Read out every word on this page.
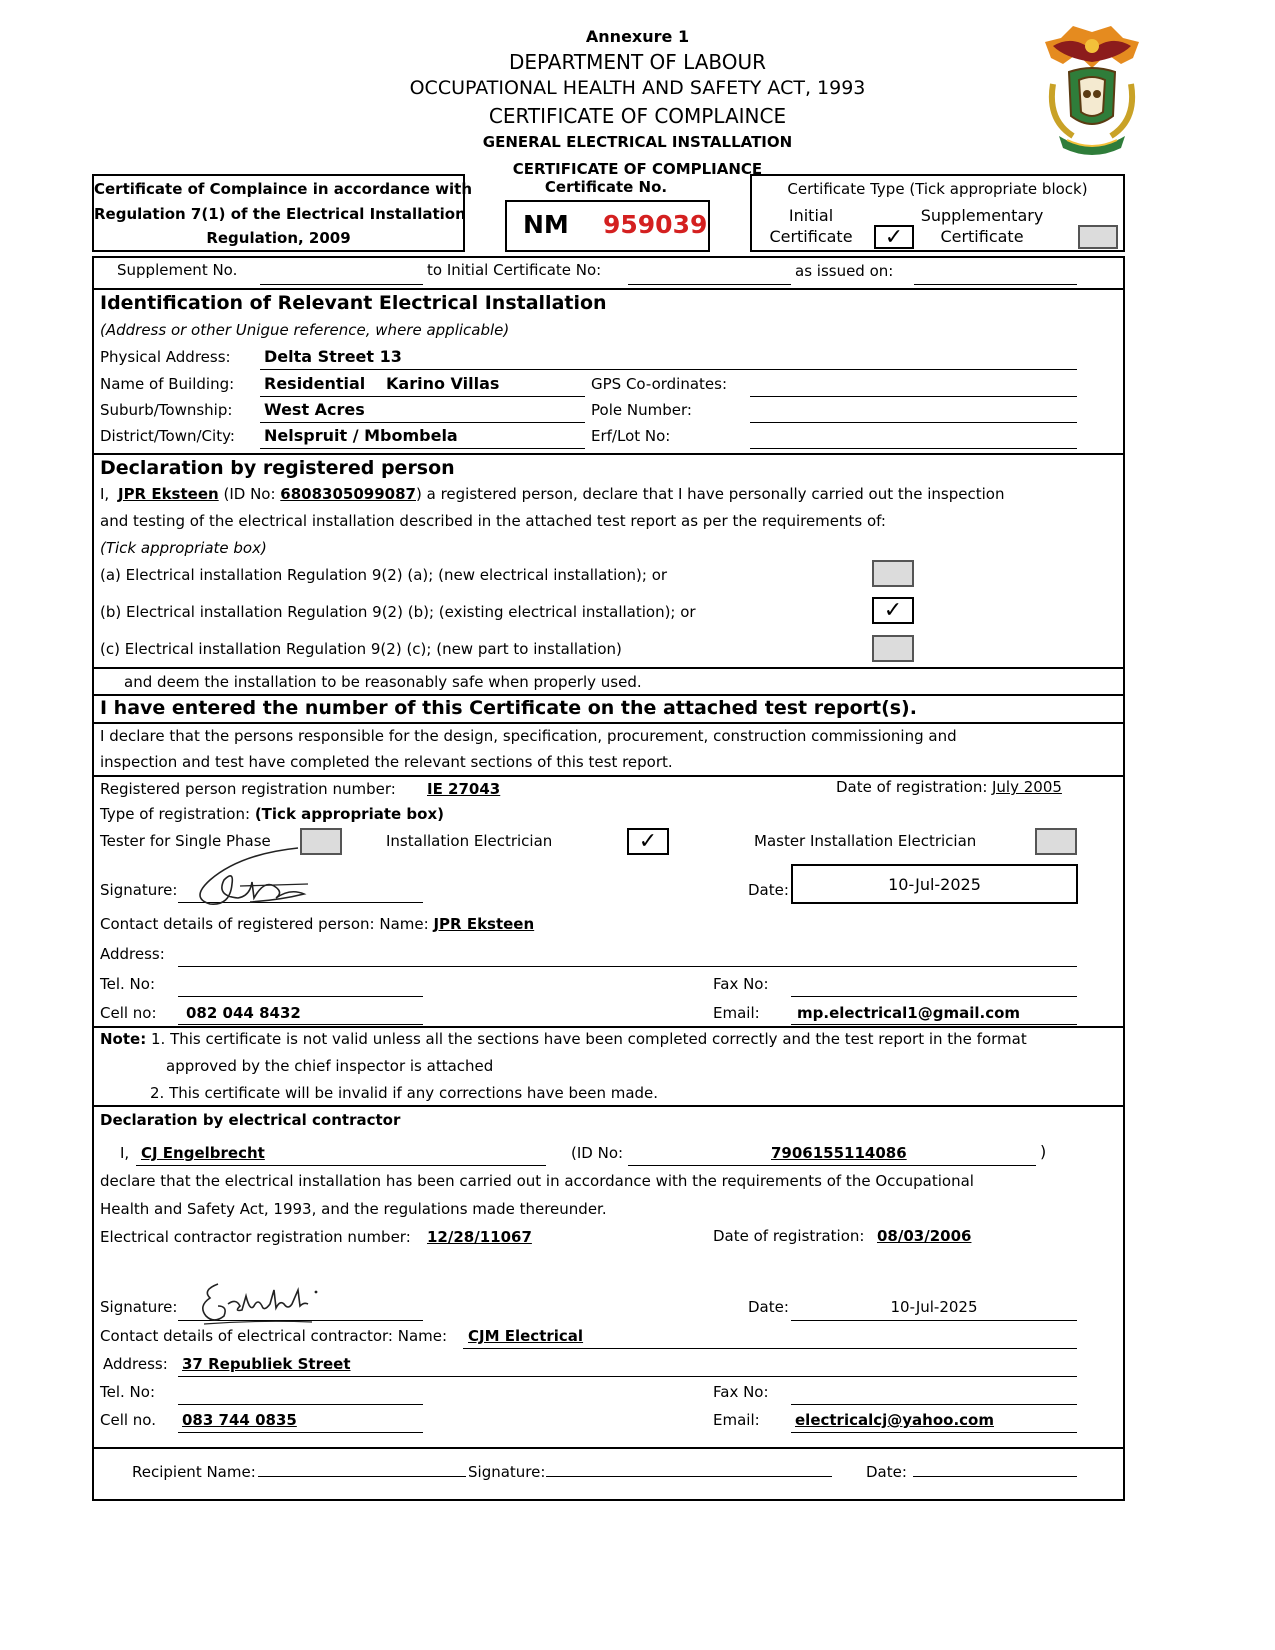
Annexure 1
DEPARTMENT OF LABOUR
OCCUPATIONAL HEALTH AND SAFETY ACT, 1993
CERTIFICATE OF COMPLAINCE
GENERAL ELECTRICAL INSTALLATION
CERTIFICATE OF COMPLIANCE
Certificate of Complaince in accordance with
Regulation 7(1) of the Electrical Installation
Regulation, 2009
Certificate No.
NM 959039
Certificate Type (Tick appropriate block)
Initial
Certificate	✓
Supplementary
Certificate
Supplement No.	to Initial Certificate No:	as issued on:
Identification of Relevant Electrical Installation
(Address or other Unigue reference, where applicable)
Physical Address: Delta Street 13
Name of Building: Residential Karino Villas	GPS Co-ordinates:
Suburb/Township: West Acres	Pole Number:
District/Town/City: Nelspruit / Mbombela	Erf/Lot No:
Declaration by registered person
I, JPR Eksteen (ID No: 6808305099087) a registered person, declare that I have personally carried out the inspection
and testing of the electrical installation described in the attached test report as per the requirements of:
(Tick appropriate box)
(a) Electrical installation Regulation 9(2) (a); (new electrical installation); or
(b) Electrical installation Regulation 9(2) (b); (existing electrical installation); or	✓
(c) Electrical installation Regulation 9(2) (c); (new part to installation)
and deem the installation to be reasonably safe when properly used.
I have entered the number of this Certificate on the attached test report(s).
I declare that the persons responsible for the design, specification, procurement, construction commissioning and
inspection and test have completed the relevant sections of this test report.
Registered person registration number: IE 27043	Date of registration: July 2005
Type of registration: (Tick appropriate box)
Tester for Single Phase	Installation Electrician	✓	Master Installation Electrician
Signature:	Date:	10-Jul-2025
Contact details of registered person: Name: JPR Eksteen
Address:
Tel. No:	Fax No:
Cell no: 082 044 8432	Email: mp.electrical1@gmail.com
Note: 1. This certificate is not valid unless all the sections have been completed correctly and the test report in the format
approved by the chief inspector is attached
2. This certificate will be invalid if any corrections have been made.
Declaration by electrical contractor
I, CJ Engelbrecht	(ID No:	7906155114086	)
declare that the electrical installation has been carried out in accordance with the requirements of the Occupational
Health and Safety Act, 1993, and the regulations made thereunder.
Electrical contractor registration number: 12/28/11067	Date of registration: 08/03/2006
Signature:	Date:	10-Jul-2025
Contact details of electrical contractor: Name: CJM Electrical
Address: 37 Republiek Street
Tel. No:	Fax No:
Cell no. 083 744 0835	Email: electricalcj@yahoo.com
Recipient Name:	Signature:	Date:
